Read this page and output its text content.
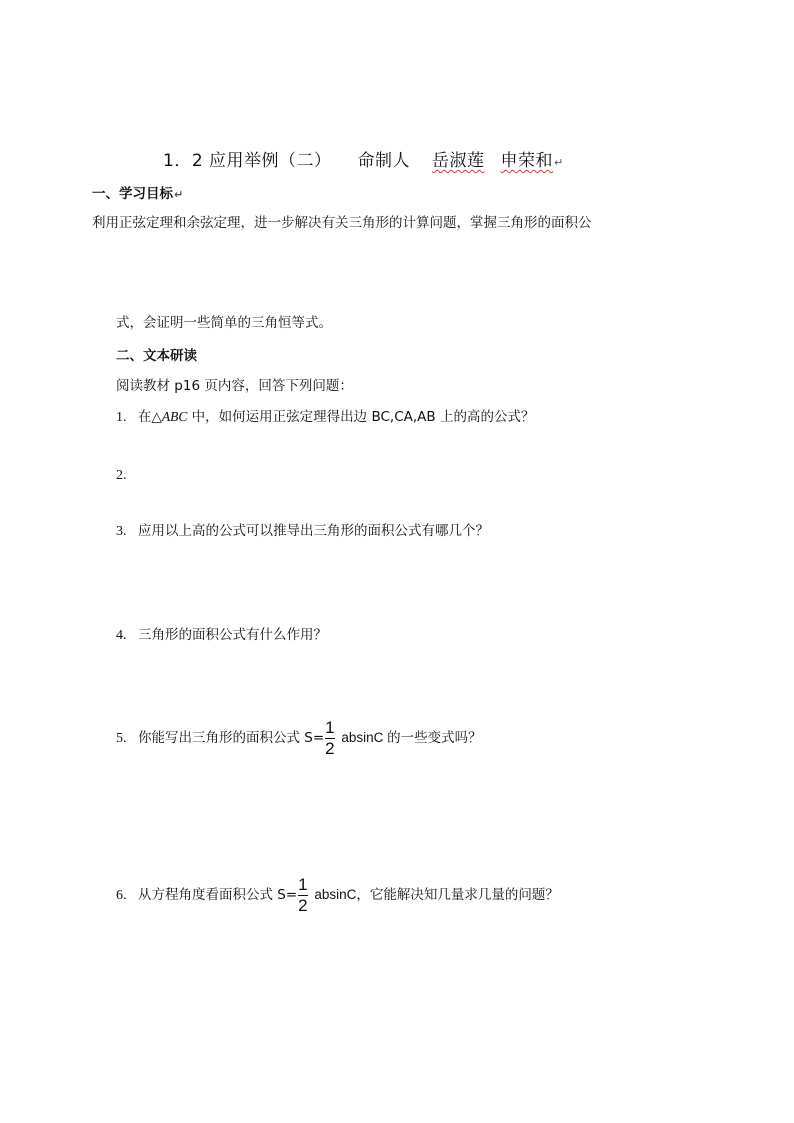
1．2 应用举例（二） 命制人 岳淑莲 申荣和↵
一、学习目标↵
利用正弦定理和余弦定理，进一步解决有关三角形的计算问题，掌握三角形的面积公
式，会证明一些简单的三角恒等式。
二、文本研读
阅读教材 p16 页内容，回答下列问题：
1. 在△ABC 中，如何运用正弦定理得出边 BC,CA,AB 上的高的公式？
2.
3. 应用以上高的公式可以推导出三角形的面积公式有哪几个？
4. 三角形的面积公式有什么作用？
5. 你能写出三角形的面积公式 $S= \frac{1}{2}$ absinC 的一些变式吗？
6. 从方程角度看面积公式 $S= \frac{1}{2}$ absinC，它能解决知几量求几量的问题？
